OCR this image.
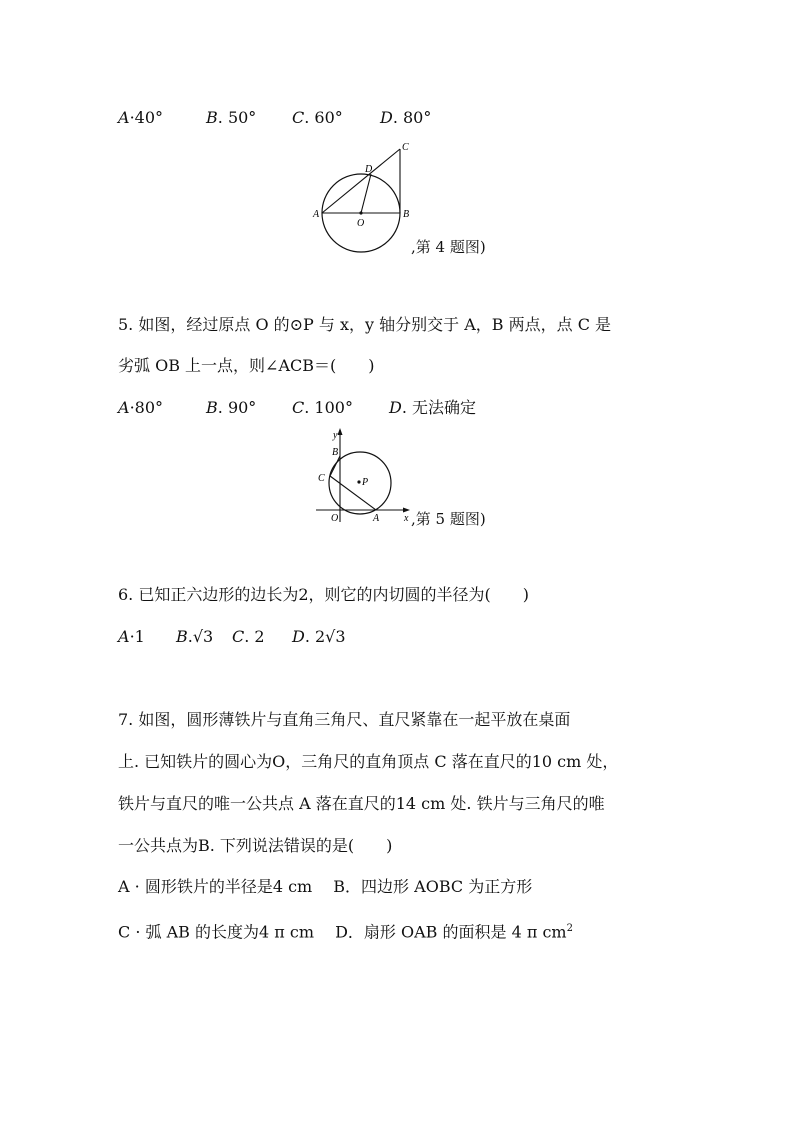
A·40°	B. 50° C. 60° D. 80°
A	B
C
D
O
,第 4 题图)
5. 如图，经过原点 O 的⊙P 与 x，y 轴分别交于 A，B 两点，点 C 是
劣弧 OB 上一点，则∠ACB＝(　　)
A·80°	B. 90° C. 100° D. 无法确定
y
x
B
C	P
O	A ,第 5 题图)
6. 已知正六边形的边长为2，则它的内切圆的半径为(　　)
A·1 B.√3 C. 2 D. 2√3
7. 如图，圆形薄铁片与直角三角尺、直尺紧靠在一起平放在桌面
上. 已知铁片的圆心为O，三角尺的直角顶点 C 落在直尺的10 cm 处，
铁片与直尺的唯一公共点 A 落在直尺的14 cm 处. 铁片与三角尺的唯
一公共点为B. 下列说法错误的是(　　)
A · 圆形铁片的半径是4 cm　 B．四边形 AOBC 为正方形
C · 弧 AB 的长度为4 π cm　 D．扇形 OAB 的面积是 4 π $cm^2$
